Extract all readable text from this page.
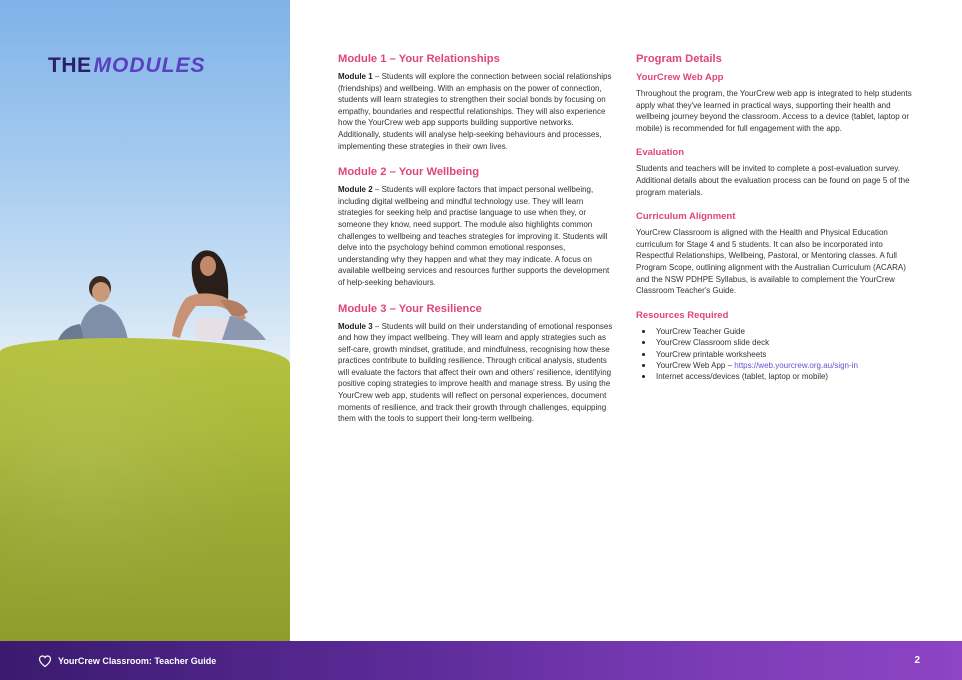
THEMODULES	Module 1 – Your Relationships

Module 1 – Students will explore the connection between social relationships (friendships) and wellbeing. With an emphasis on the power of connection, students will learn strategies to strengthen their social bonds by focusing on empathy, boundaries and respectful relationships. They will also experience how the YourCrew web app supports building supportive networks. Additionally, students will analyse help-seeking behaviours and processes, implementing these strategies in their own lives.

Module 2 – Your Wellbeing

Module 2 – Students will explore factors that impact personal wellbeing, including digital wellbeing and mindful technology use. They will learn strategies for seeking help and practise language to use when they, or someone they know, need support. The module also highlights common challenges to wellbeing and teaches strategies for improving it. Students will delve into the psychology behind common emotional responses, understanding why they happen and what they may indicate. A focus on available wellbeing services and resources further supports the development of help-seeking behaviours.

Module 3 – Your Resilience

Module 3 – Students will build on their understanding of emotional responses and how they impact wellbeing. They will learn and apply strategies such as self-care, growth mindset, gratitude, and mindfulness, recognising how these practices contribute to building resilience. Through critical analysis, students will evaluate the factors that affect their own and others' resilience, identifying positive coping strategies to improve health and manage stress. By using the YourCrew web app, students will reflect on personal experiences, document moments of resilience, and track their growth through challenges, equipping them with the tools to support their long-term wellbeing.

Program Details
YourCrew Web App

Throughout the program, the YourCrew web app is integrated to help students apply what they've learned in practical ways, supporting their health and wellbeing journey beyond the classroom. Access to a device (tablet, laptop or mobile) is recommended for full engagement with the app.

Evaluation

Students and teachers will be invited to complete a post-evaluation survey. Additional details about the evaluation process can be found on page 5 of the program materials.

Curriculum Alignment

YourCrew Classroom is aligned with the Health and Physical Education curriculum for Stage 4 and 5 students. It can also be incorporated into Respectful Relationships, Wellbeing, Pastoral, or Mentoring classes. A full Program Scope, outlining alignment with the Australian Curriculum (ACARA) and the NSW PDHPE Syllabus, is available to complement the YourCrew Classroom Teacher's Guide.

Resources Required
YourCrew Teacher Guide
YourCrew Classroom slide deck
YourCrew printable worksheets
YourCrew Web App – https://web.yourcrew.org.au/sign-in
Internet access/devices (tablet, laptop or mobile)
YourCrew Classroom: Teacher Guide	2
